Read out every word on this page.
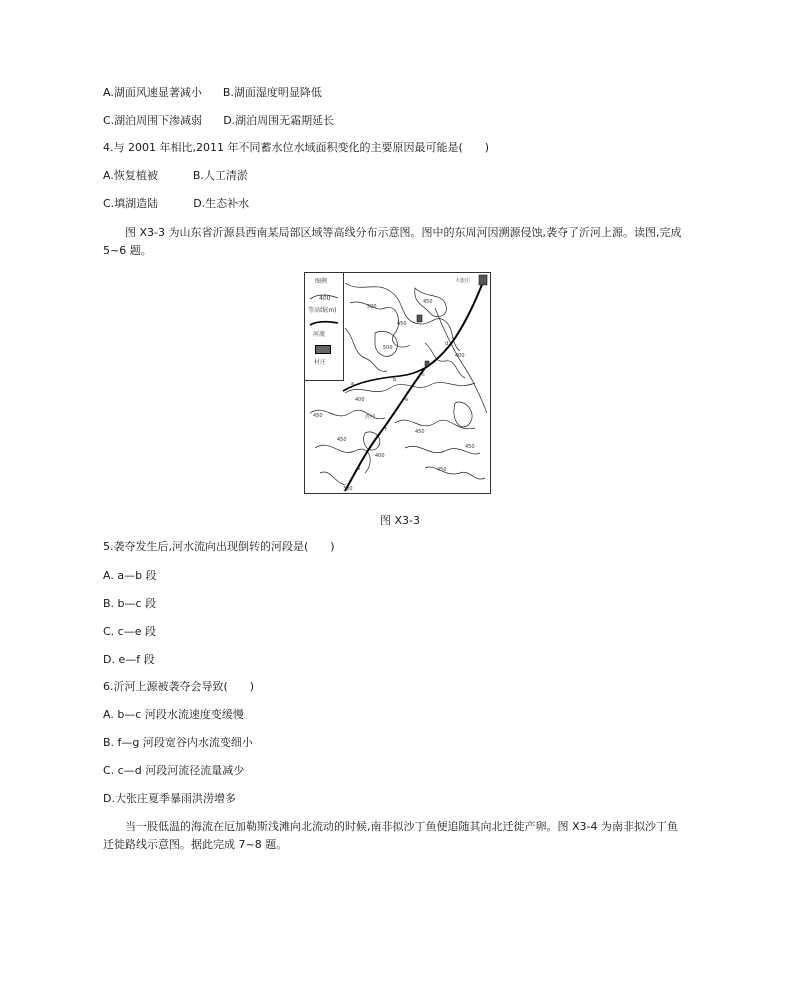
A.湖面风速显著减小 B.湖面湿度明显降低
C.湖泊周围下渗减弱 D.湖泊周围无霜期延长
4.与 2001 年相比,2011 年不同蓄水位水域面积变化的主要原因最可能是(　　)
A.恢复植被	B.人工清淤
C.填湖造陆	D.生态补水
图 X3-3 为山东省沂源县西南某局部区域等高线分布示意图。图中的东周河因溯源侵蚀,袭夺了沂河上源。读图,完成 5~6 题。
大张庄
沂河
500
450
500
450
400
400
450
450
400
450
450
450
300
a
b
c
d
e
f
g
图例
400
等高线(m)
河流
村庄
图 X3-3
5.袭夺发生后,河水流向出现倒转的河段是(　　)
A. a—b 段
B. b—c 段
C. c—e 段
D. e—f 段
6.沂河上源被袭夺会导致(　　)
A. b—c 河段水流速度变缓慢
B. f—g 河段宽谷内水流变细小
C. c—d 河段河流径流量减少
D.大张庄夏季暴雨洪涝增多
当一股低温的海流在厄加勒斯浅滩向北流动的时候,南非拟沙丁鱼便追随其向北迁徙产卵。图 X3-4 为南非拟沙丁鱼迁徙路线示意图。据此完成 7~8 题。
